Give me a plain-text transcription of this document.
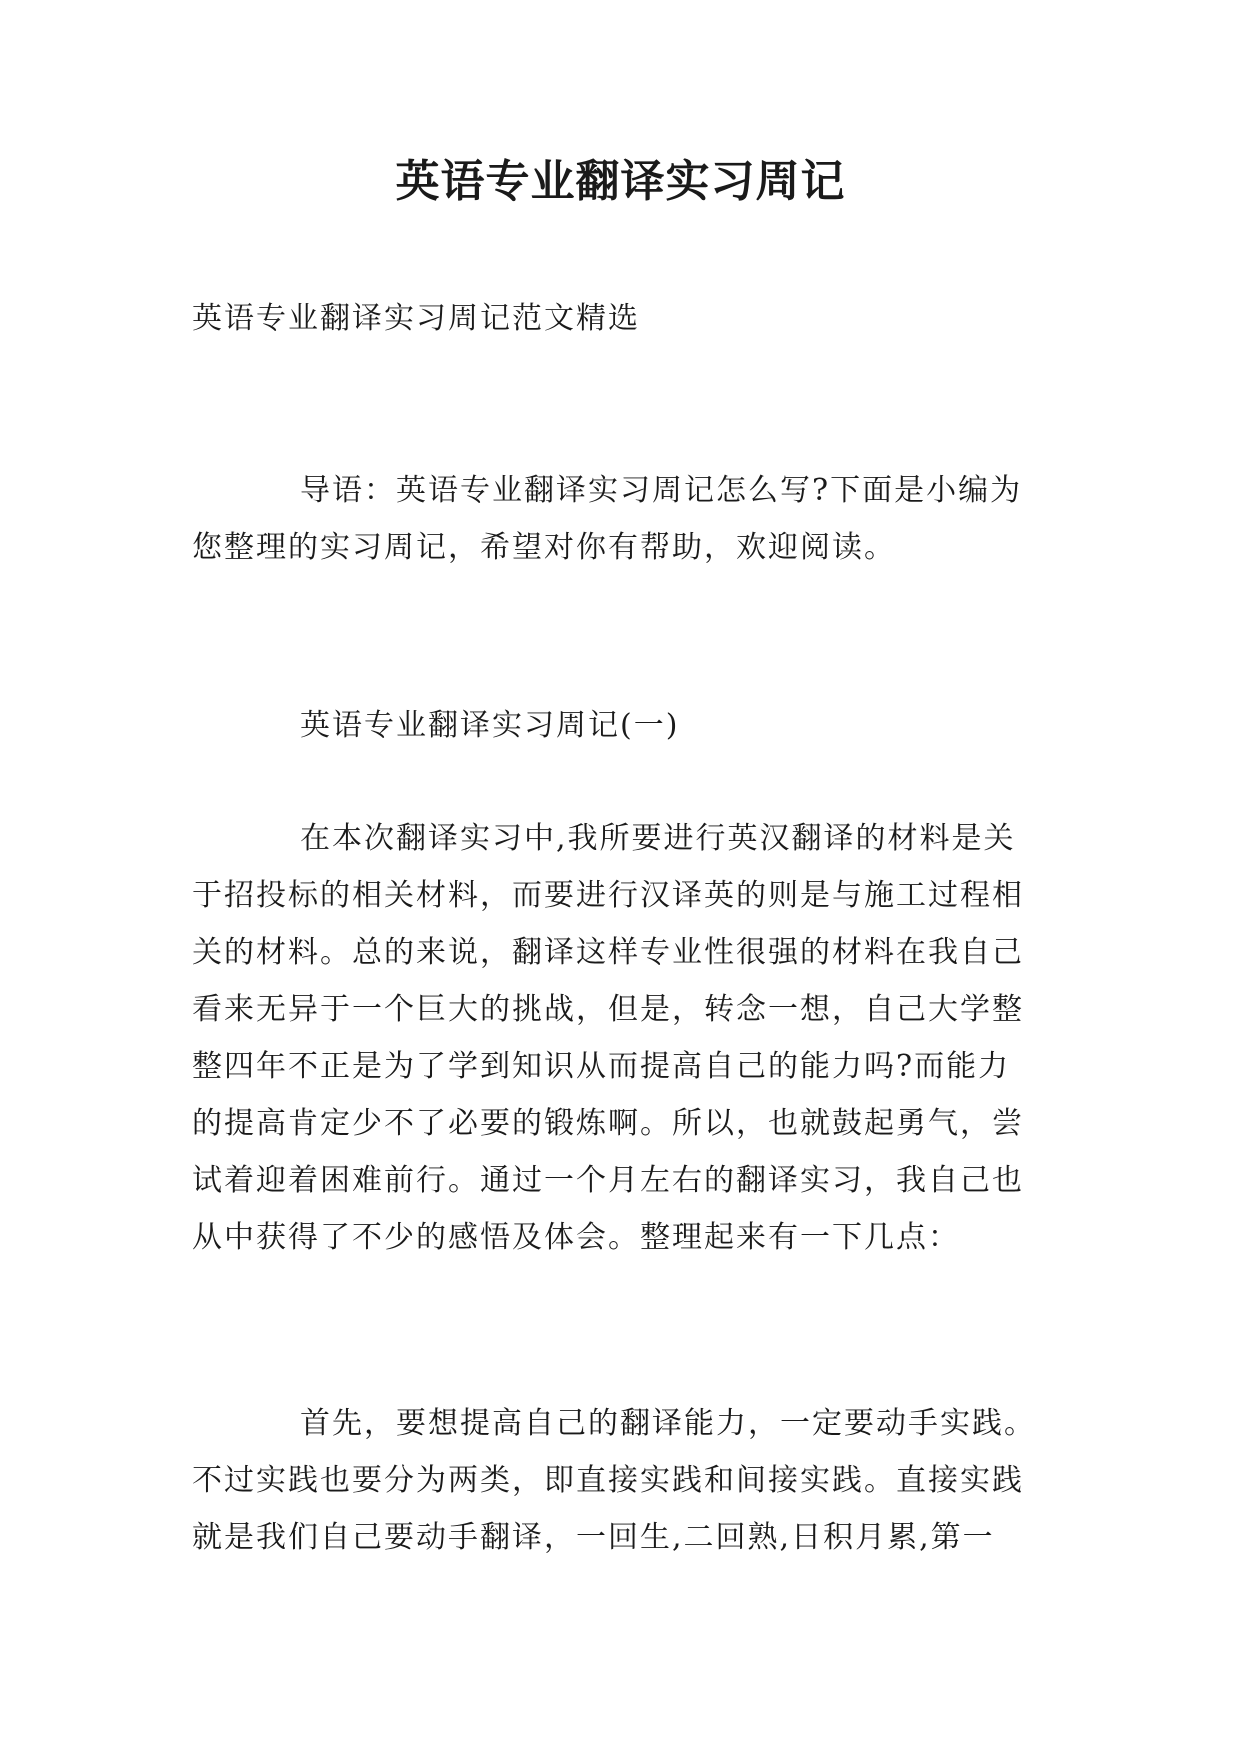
英语专业翻译实习周记

英语专业翻译实习周记范文精选

导语：英语专业翻译实习周记怎么写?下面是小编为
您整理的实习周记，希望对你有帮助，欢迎阅读。

英语专业翻译实习周记(一)

在本次翻译实习中,我所要进行英汉翻译的材料是关
于招投标的相关材料，而要进行汉译英的则是与施工过程相
关的材料。总的来说，翻译这样专业性很强的材料在我自己
看来无异于一个巨大的挑战，但是，转念一想，自己大学整
整四年不正是为了学到知识从而提高自己的能力吗?而能力
的提高肯定少不了必要的锻炼啊。所以，也就鼓起勇气，尝
试着迎着困难前行。通过一个月左右的翻译实习，我自己也
从中获得了不少的感悟及体会。整理起来有一下几点：

首先，要想提高自己的翻译能力，一定要动手实践。
不过实践也要分为两类，即直接实践和间接实践。直接实践
就是我们自己要动手翻译，一回生,二回熟,日积月累,第一
